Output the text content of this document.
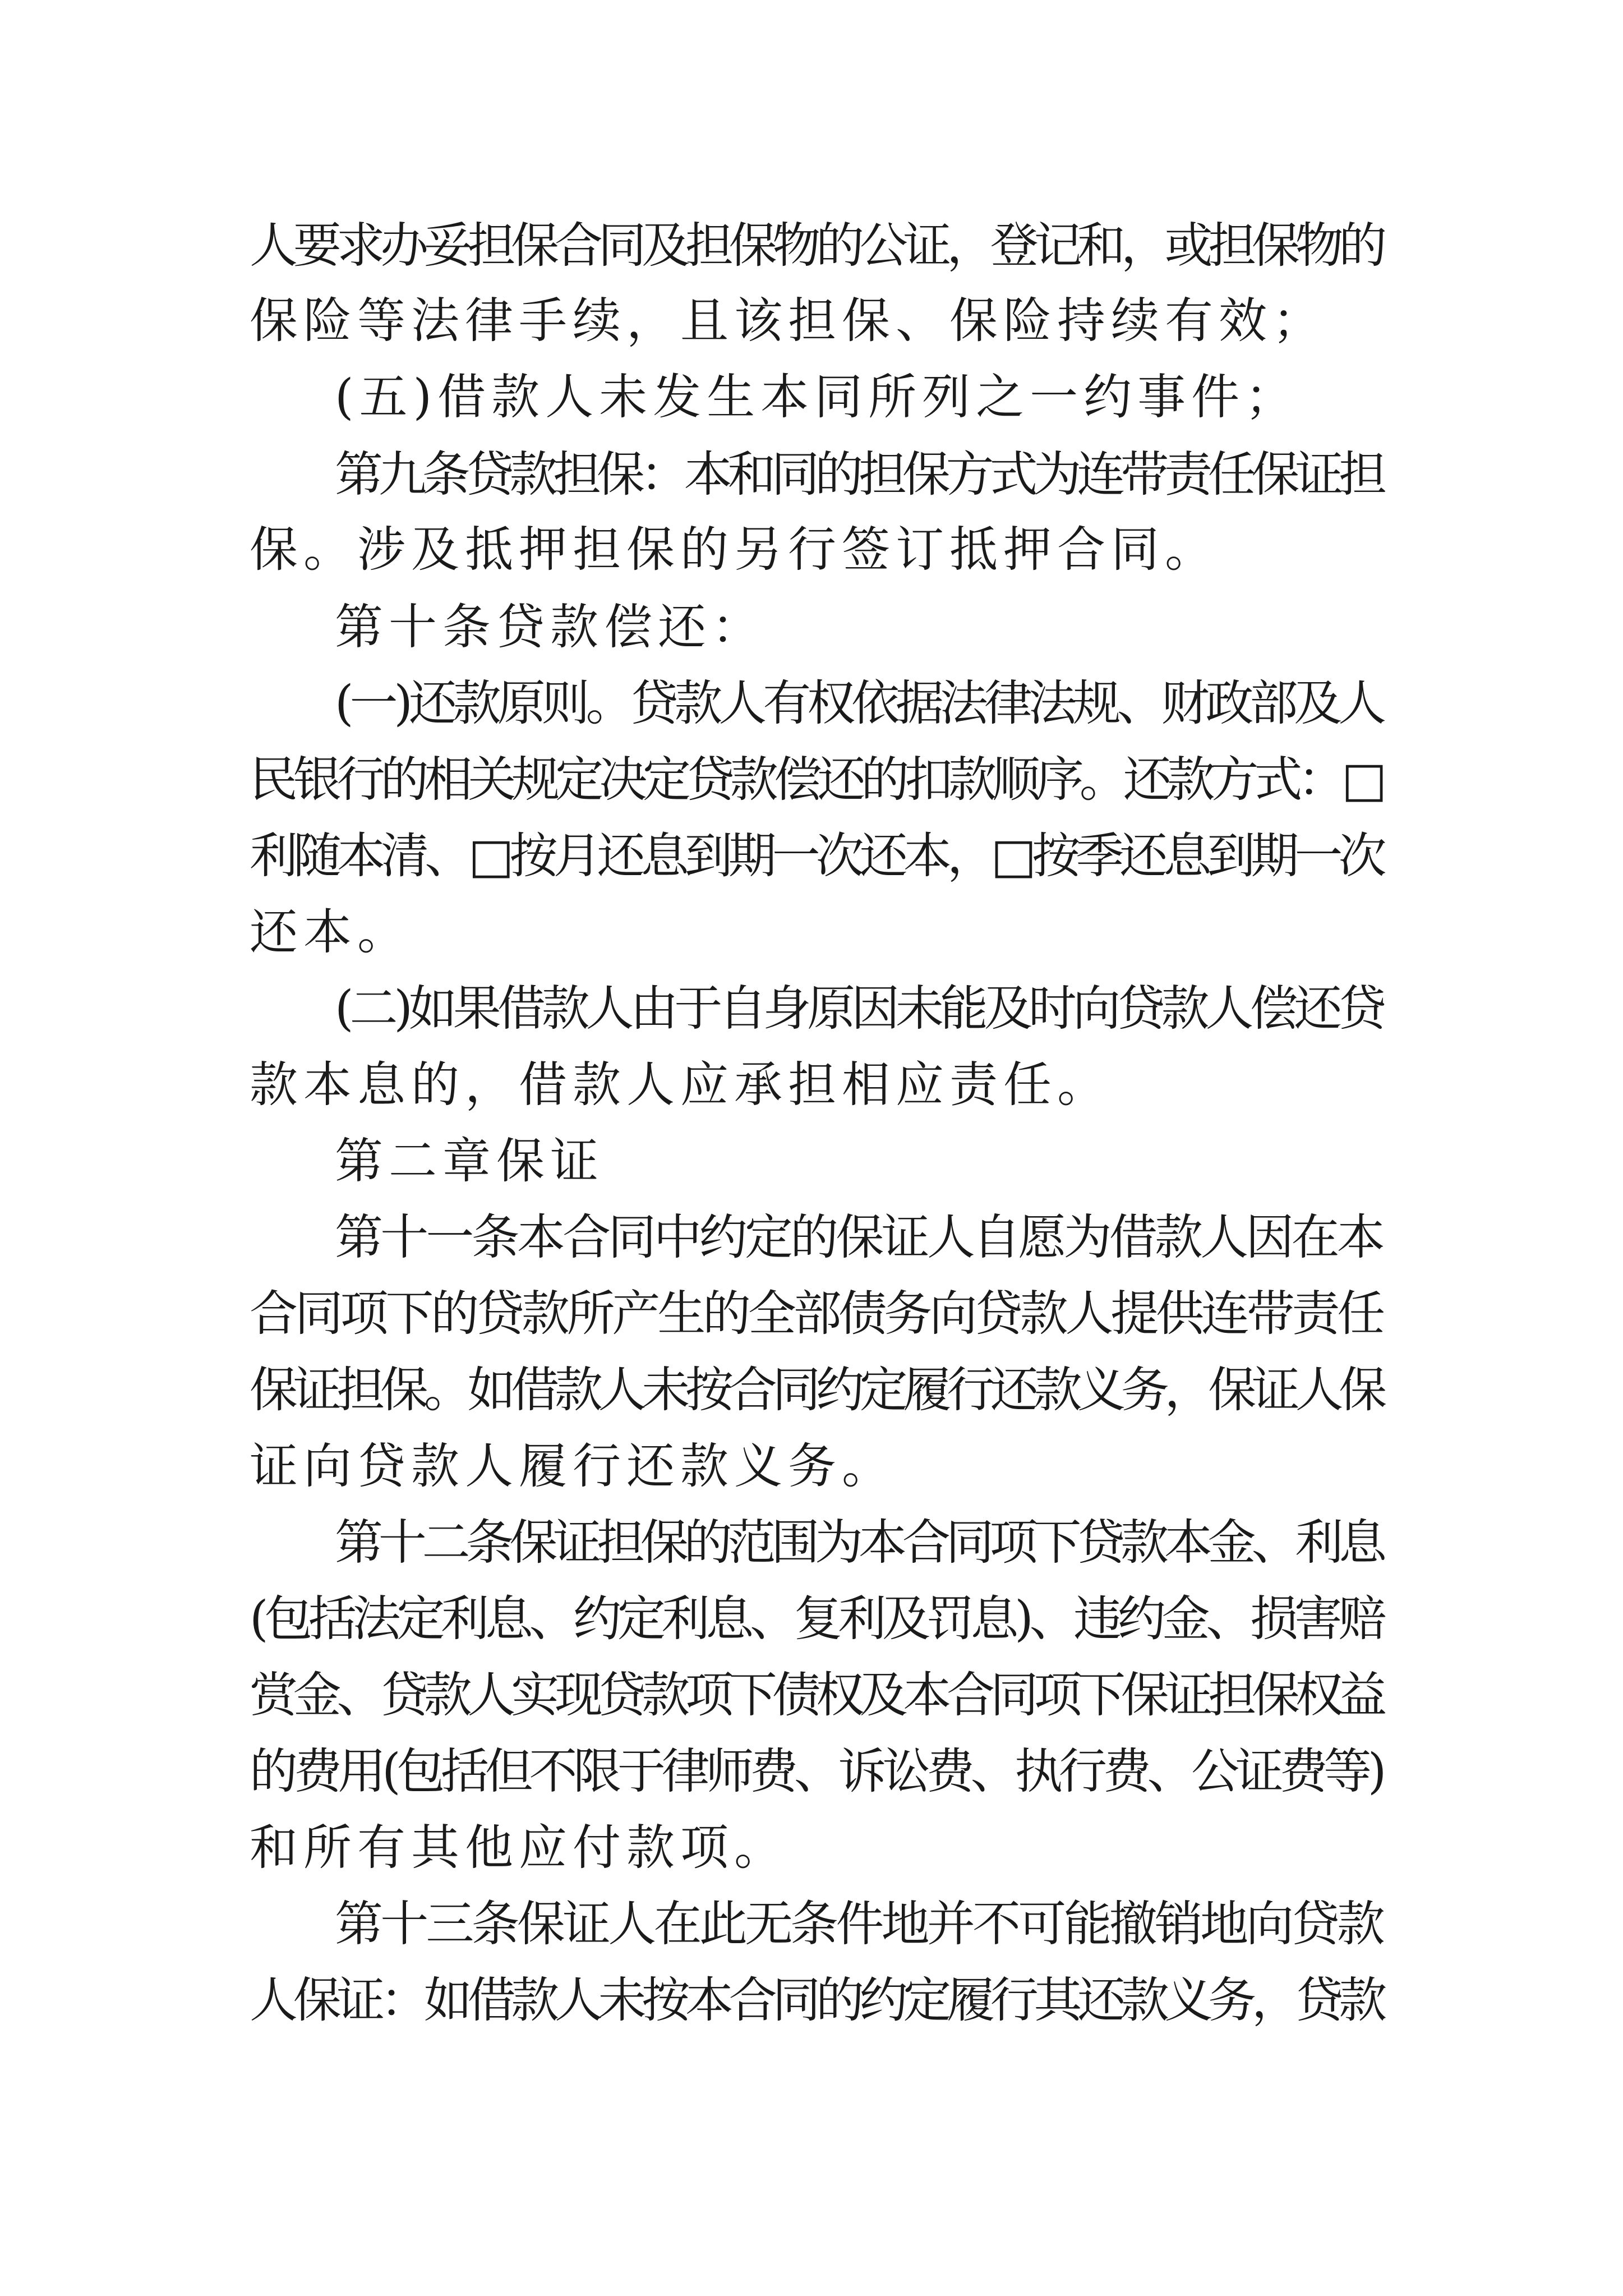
人要求办妥担保合同及担保物的公证，登记和，或担保物的
保险等法律手续，且该担保、保险持续有效；
(五)借款人未发生本同所列之一约事件；
第九条贷款担保：本和同的担保方式为连带责任保证担
保。涉及抵押担保的另行签订抵押合同。
第十条贷款偿还：
(一)还款原则。贷款人有权依据法律法规、财政部及人
民银行的相关规定决定贷款偿还的扣款顺序。还款方式：□
利随本清、□按月还息到期一次还本，□按季还息到期一次
还本。
(二)如果借款人由于自身原因未能及时向贷款人偿还贷
款本息的，借款人应承担相应责任。
第二章保证
第十一条本合同中约定的保证人自愿为借款人因在本
合同项下的贷款所产生的全部债务向贷款人提供连带责任
保证担保。如借款人未按合同约定履行还款义务，保证人保
证向贷款人履行还款义务。
第十二条保证担保的范围为本合同项下贷款本金、利息
(包括法定利息、约定利息、复利及罚息)、违约金、损害赔
赏金、贷款人实现贷款项下债权及本合同项下保证担保权益
的费用(包括但不限于律师费、诉讼费、执行费、公证费等)
和所有其他应付款项。
第十三条保证人在此无条件地并不可能撤销地向贷款
人保证：如借款人未按本合同的约定履行其还款义务，贷款
